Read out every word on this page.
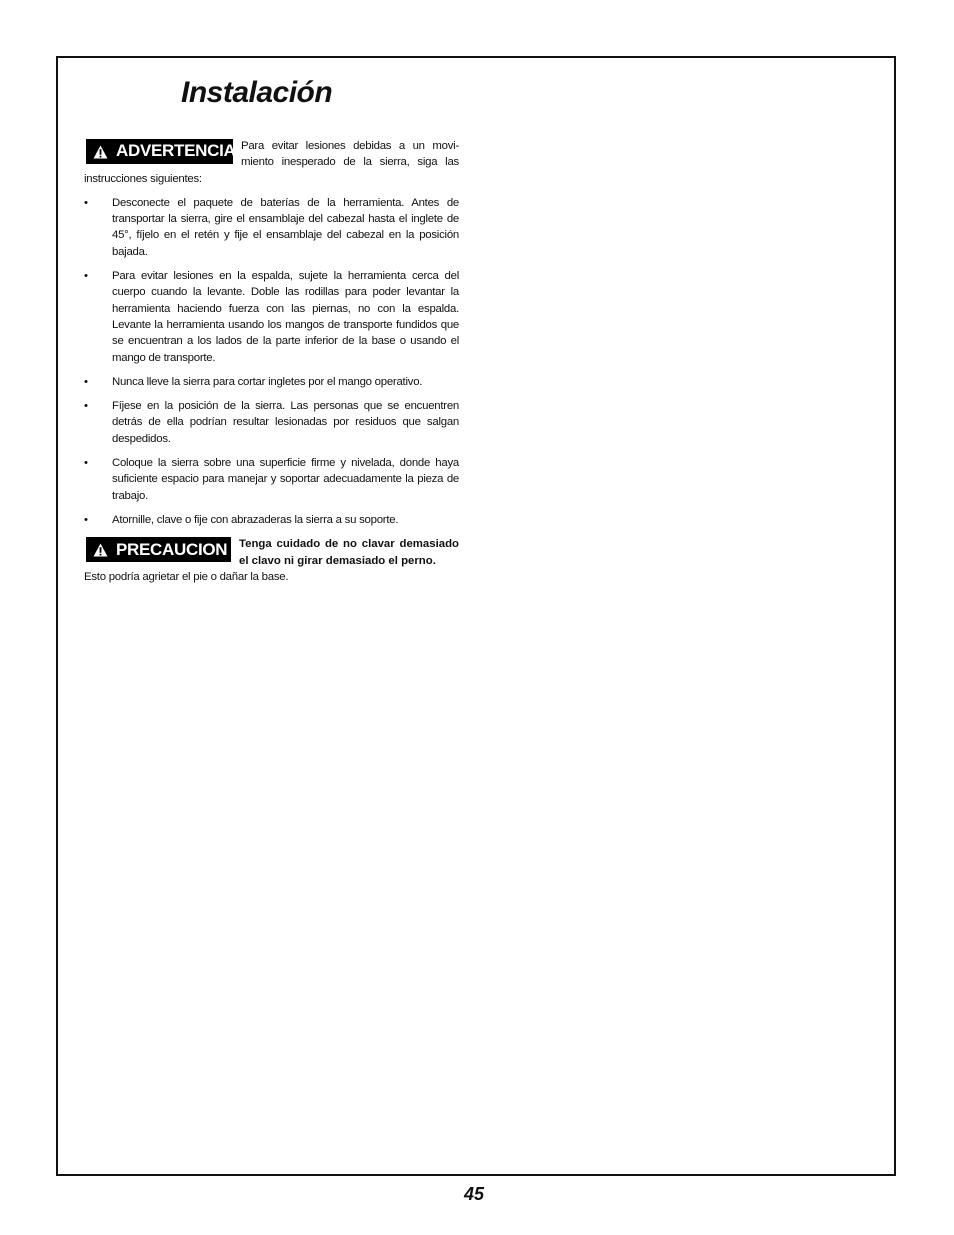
Instalación
ADVERTENCIA Para evitar lesiones debidas a un movi-miento inesperado de la sierra, siga las instrucciones siguientes:

• Desconecte el paquete de baterías de la herramienta. Antes de transportar la sierra, gire el ensamblaje del cabezal hasta el inglete de 45°, fíjelo en el retén y fije el ensamblaje del cabezal en la posición bajada.
• Para evitar lesiones en la espalda, sujete la herramienta cerca del cuerpo cuando la levante. Doble las rodillas para poder levantar la herramienta haciendo fuerza con las piernas, no con la espalda. Levante la herramienta usando los mangos de transporte fundidos que se encuentran a los lados de la parte inferior de la base o usando el mango de transporte.
• Nunca lleve la sierra para cortar ingletes por el mango operativo.
• Fíjese en la posición de la sierra. Las personas que se encuentren detrás de ella podrían resultar lesionadas por residuos que salgan despedidos.
• Coloque la sierra sobre una superficie firme y nivelada, donde haya suficiente espacio para manejar y soportar adecuadamente la pieza de trabajo.
• Atornille, clave o fije con abrazaderas la sierra a su soporte.
PRECAUCION	Tenga cuidado de no clavar demasiado el clavo ni girar demasiado el perno.

Esto podría agrietar el pie o dañar la base.

45
